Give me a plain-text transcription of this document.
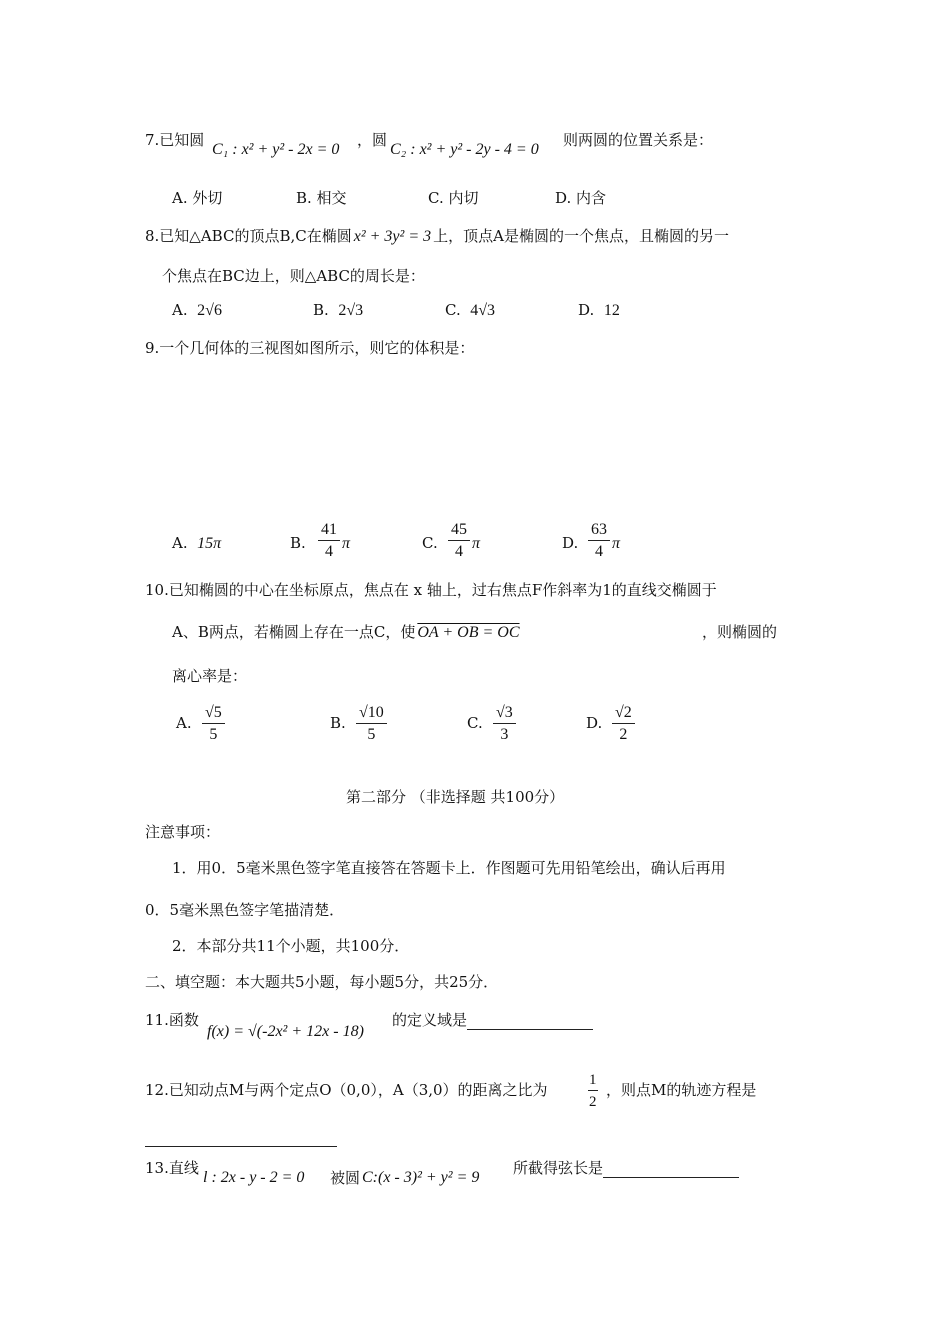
7.已知圆
C₁ : x² + y² - 2x = 0
，圆
C₂ : x² + y² - 2y - 4 = 0
则两圆的位置关系是：
A. 外切	B. 相交	C. 内切	D. 内含
8.已知△ABC的顶点B,C在椭圆 x² + 3y² = 3 上，顶点A是椭圆的一个焦点，且椭圆的另一
个焦点在BC边上，则△ABC的周长是：
A. 2√6	B. 2√3	C. 4√3	D. 12
9.一个几何体的三视图如图所示，则它的体积是：
A. 15π	B. $\frac{41}{4}$ π	C. $\frac{45}{4}$ π	D. $\frac{63}{4}$ π
10.已知椭圆的中心在坐标原点，焦点在 x 轴上，过右焦点F作斜率为1的直线交椭圆于
A、B两点，若椭圆上存在一点C，使 OA + OB = OC	，则椭圆的
离心率是：
A. $\frac{√5}{5}$	B. $\frac{√10}{5}$	C. $\frac{√3}{3}$	D. $\frac{√2}{2}$
第二部分 （非选择题 共100分）
注意事项：
1．用0．5毫米黑色签字笔直接答在答题卡上．作图题可先用铅笔绘出，确认后再用
0．5毫米黑色签字笔描清楚．
2．本部分共11个小题，共100分．
二、填空题：本大题共5小题，每小题5分，共25分．
11.函数
f(x) = √(-2x² + 12x - 18)
的定义域是
12.已知动点M与两个定点O（0,0），A（3,0）的距离之比为	$\frac{1}{2}$ ，则点M的轨迹方程是
13.直线
l : 2x - y - 2 = 0 被圆 C:(x - 3)² + y² = 9
所截得弦长是
